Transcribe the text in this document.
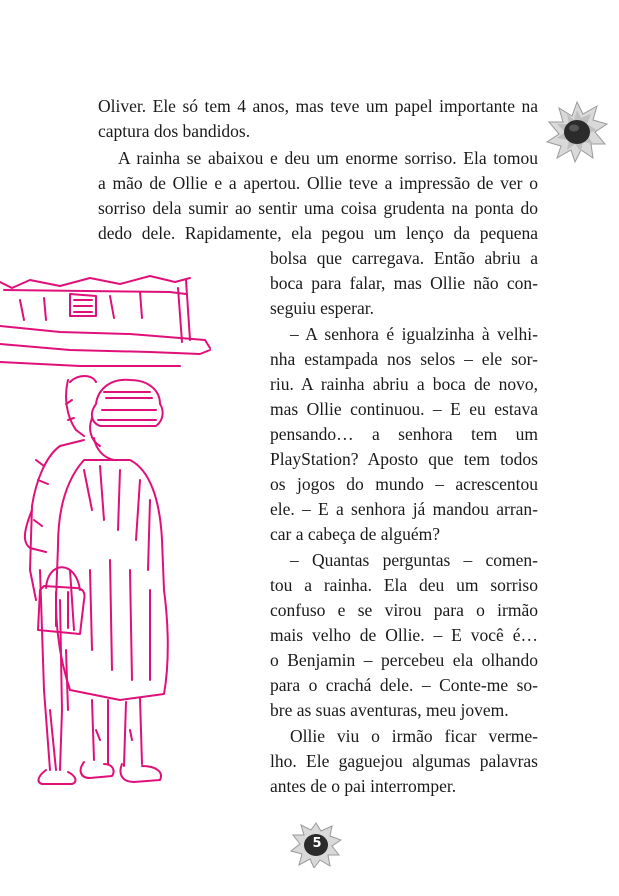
Oliver. Ele só tem 4 anos, mas teve um papel importante na

captura dos bandidos.

A rainha se abaixou e deu um enorme sorriso. Ela tomou

a mão de Ollie e a apertou. Ollie teve a impressão de ver o

sorriso dela sumir ao sentir uma coisa grudenta na ponta do

dedo dele. Rapidamente, ela pegou um lenço da pequena

bolsa que carregava. Então abriu a

boca para falar, mas Ollie não con-

seguiu esperar.

– A senhora é igualzinha à velhi-

nha estampada nos selos – ele sor-

riu. A rainha abriu a boca de novo,

mas Ollie continuou. – E eu estava

pensando… a senhora tem um

PlayStation? Aposto que tem todos

os jogos do mundo – acrescentou

ele. – E a senhora já mandou arran-

car a cabeça de alguém?

– Quantas perguntas – comen-

tou a rainha. Ela deu um sorriso

confuso e se virou para o irmão

mais velho de Ollie. – E você é…

o Benjamin – percebeu ela olhando

para o crachá dele. – Conte-me so-

bre as suas aventuras, meu jovem.

Ollie viu o irmão ficar verme-

lho. Ele gaguejou algumas palavras

antes de o pai interromper.

5
